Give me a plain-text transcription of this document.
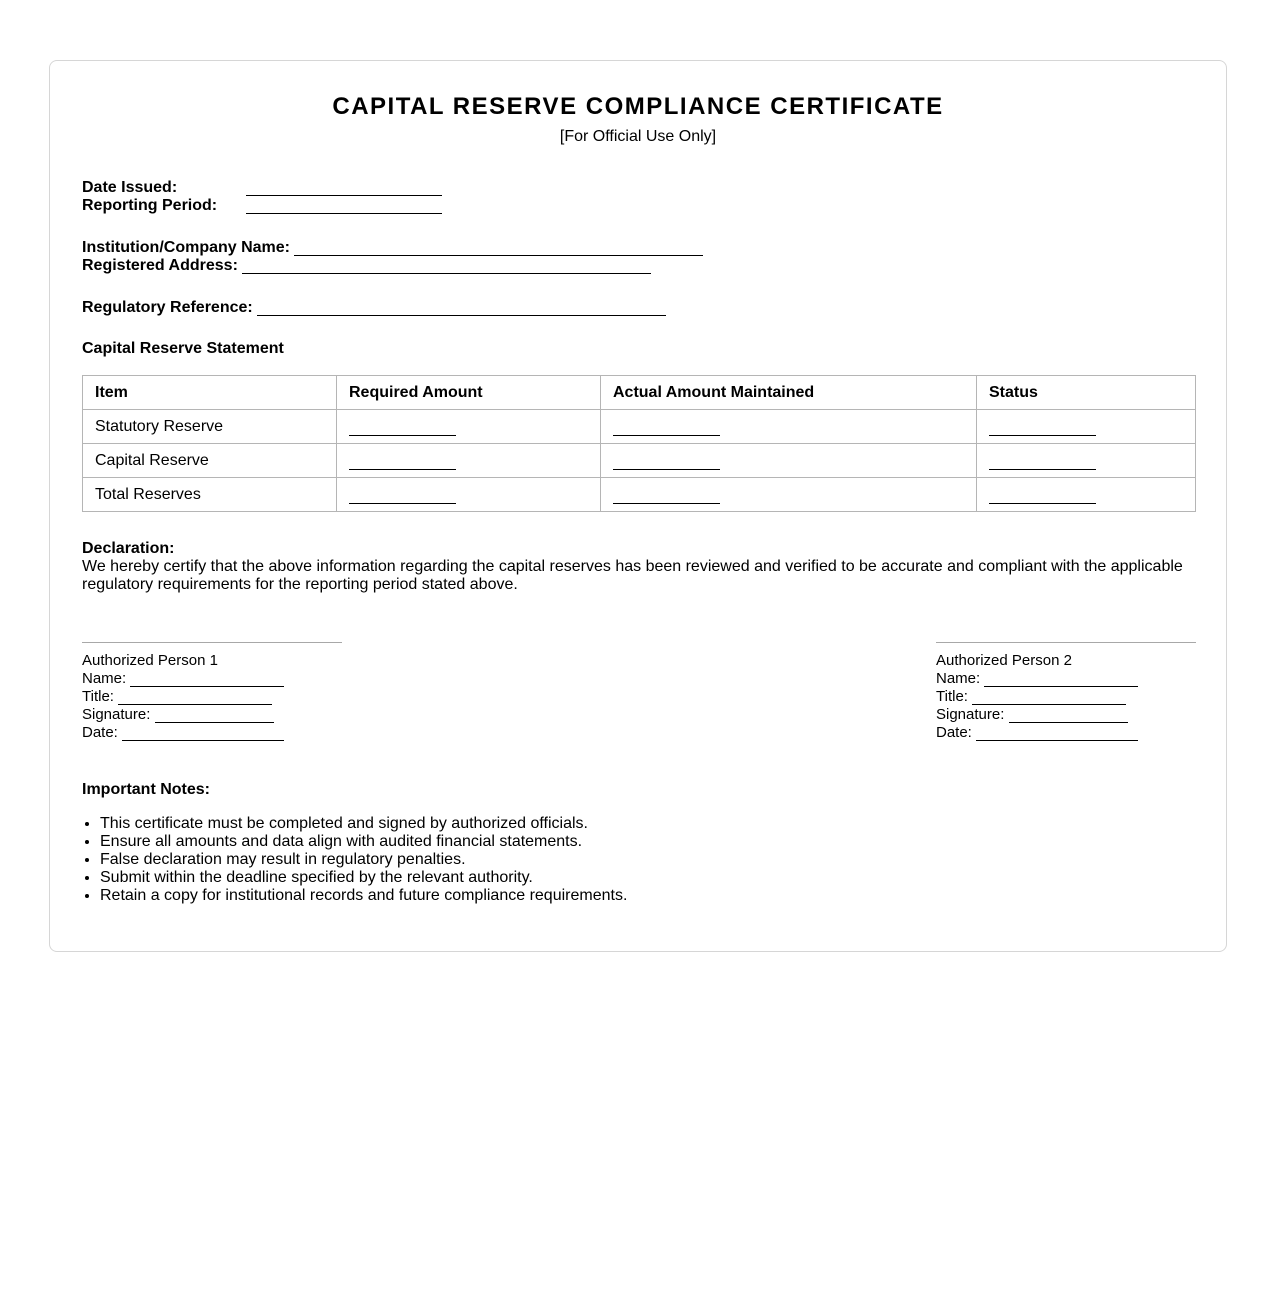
CAPITAL RESERVE COMPLIANCE CERTIFICATE
[For Official Use Only]
Date Issued:
Reporting Period:
Institution/Company Name:
Registered Address:
Regulatory Reference:
Capital Reserve Statement
Item	Required Amount	Actual Amount Maintained	Status
Statutory Reserve			
Capital Reserve			
Total Reserves			
Declaration:
We hereby certify that the above information regarding the capital reserves has been reviewed and verified to be accurate and compliant with the applicable regulatory requirements for the reporting period stated above.
Authorized Person 1
Name:
Title:
Signature:
Date:
Authorized Person 2
Name:
Title:
Signature:
Date:
Important Notes:
• This certificate must be completed and signed by authorized officials.
• Ensure all amounts and data align with audited financial statements.
• False declaration may result in regulatory penalties.
• Submit within the deadline specified by the relevant authority.
• Retain a copy for institutional records and future compliance requirements.
